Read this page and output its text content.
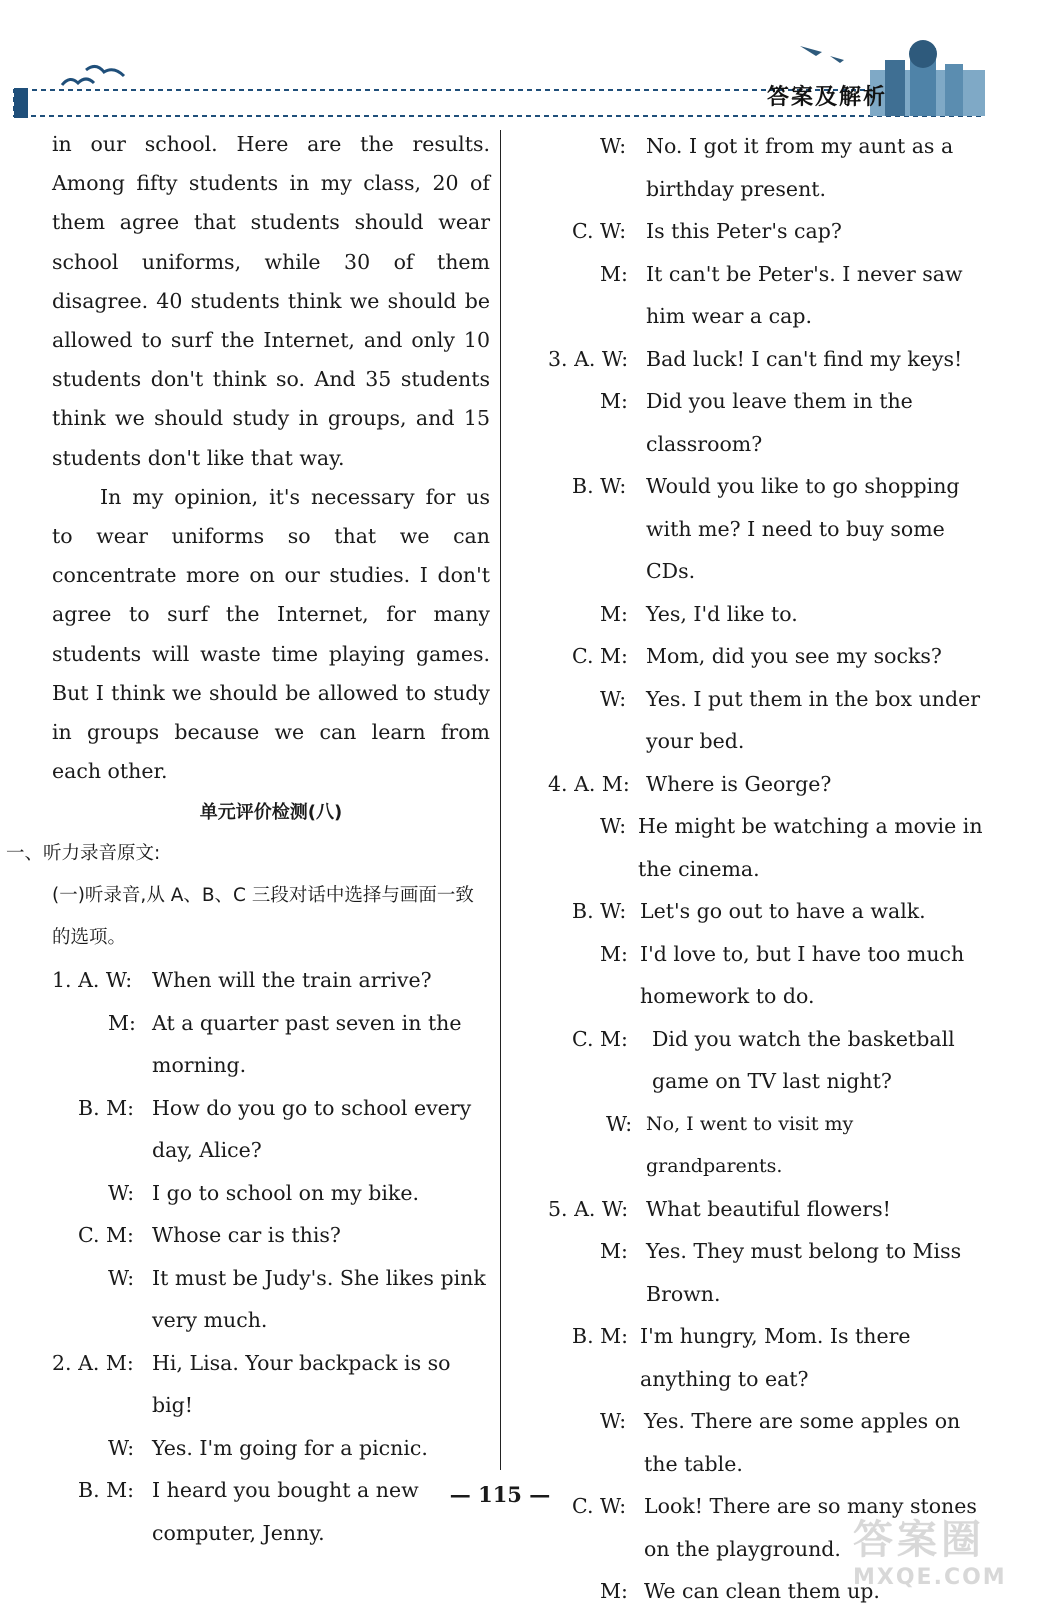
答案及解析

in our school. Here are the results. Among fifty students in my class, 20 of them agree that students should wear school uniforms, while 30 of them disagree. 40 students think we should be allowed to surf the Internet, and only 10 students don't think so. And 35 students think we should study in groups, and 15 students don't like that way.

In my opinion, it's necessary for us to wear uniforms so that we can concentrate more on our studies. I don't agree to surf the Internet, for many students will waste time playing games. But I think we should be allowed to study in groups because we can learn from each other.

单元评价检测(八)
一、听力录音原文:
(一)听录音,从 A、B、C 三段对话中选择与画面一致的选项。
1. A. W: When will the train arrive?
M: At a quarter past seven in the morning.
B. M: How do you go to school every day, Alice?
W: I go to school on my bike.
C. M: Whose car is this?
W: It must be Judy's. She likes pink very much.
2. A. M: Hi, Lisa. Your backpack is so big!
W: Yes. I'm going for a picnic.
B. M: I heard you bought a new computer, Jenny.
W: No. I got it from my aunt as a birthday present.
C. W: Is this Peter's cap?
M: It can't be Peter's. I never saw him wear a cap.
3. A. W: Bad luck! I can't find my keys!
M: Did you leave them in the classroom?
B. W: Would you like to go shopping with me? I need to buy some CDs.
M: Yes, I'd like to.
C. M: Mom, did you see my socks?
W: Yes. I put them in the box under your bed.
4. A. M: Where is George?
W: He might be watching a movie in the cinema.
B. W: Let's go out to have a walk.
M: I'd love to, but I have too much homework to do.
C. M:	Did you watch the basketball game on TV last night?
W: No, I went to visit my grandparents.
5. A. W: What beautiful flowers!
M: Yes. They must belong to Miss Brown.
B. M: I'm hungry, Mom. Is there anything to eat?
W: Yes. There are some apples on the table.
C. W: Look! There are so many stones on the playground.
M: We can clean them up.
— 115 —
答案圈
MXQE.COM
